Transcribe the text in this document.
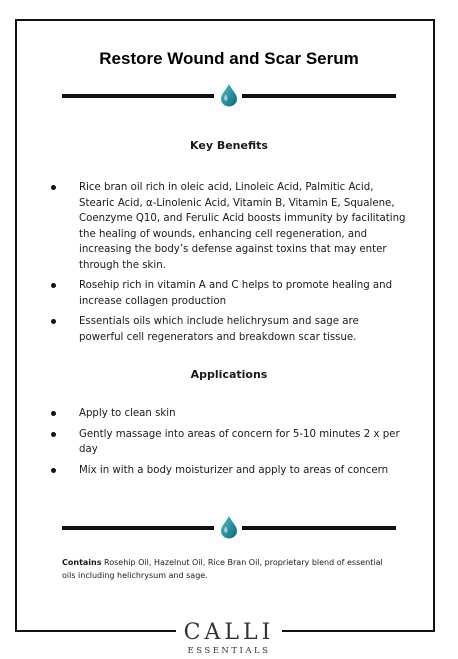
Restore Wound and Scar Serum
Key Benefits
Rice bran oil rich in oleic acid, Linoleic Acid, Palmitic Acid, Stearic Acid, α-Linolenic Acid, Vitamin B, Vitamin E, Squalene, Coenzyme Q10, and Ferulic Acid boosts immunity by facilitating the healing of wounds, enhancing cell regeneration, and increasing the body’s defense against toxins that may enter through the skin.
Rosehip rich in vitamin A and C helps to promote healing and increase collagen production
Essentials oils which include helichrysum and sage are powerful cell regenerators and breakdown scar tissue.
Applications
Apply to clean skin
Gently massage into areas of concern for 5-10 minutes 2 x per day
Mix in with a body moisturizer and apply to areas of concern

Contains Rosehip Oil, Hazelnut Oil, Rice Bran Oil, proprietary blend of essential oils including helichrysum and sage.

CALLI
ESSENTIALS
